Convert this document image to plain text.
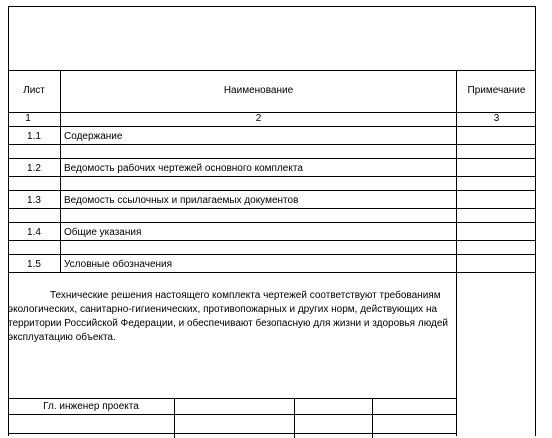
Лист	Наименование	Примечание
1	2	3
1.1	Содержание
1.2	Ведомость рабочих чертежей основного комплекта
1.3	Ведомость ссылочных и прилагаемых документов
1.4	Общие указания
1.5	Условные обозначения
Технические решения настоящего комплекта чертежей соответствуют требованиям
экологических, санитарно-гигиенических, противопожарных и других норм, действующих на
территории Российской Федерации, и обеспечивают безопасную для жизни и здоровья людей
эксплуатацию объекта.
Гл. инженер проекта
